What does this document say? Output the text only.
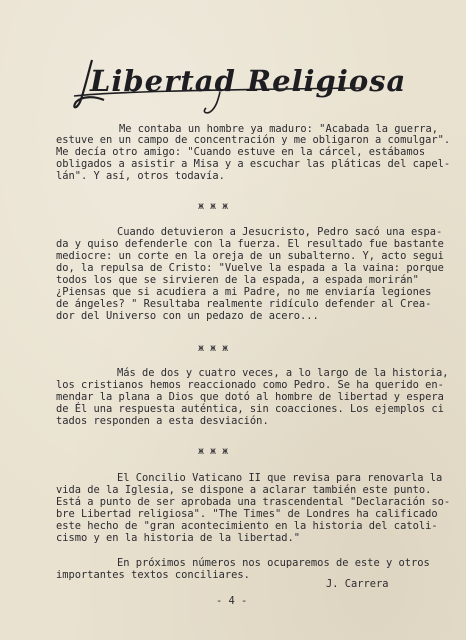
Libertad Religiosa
Me contaba un hombre ya maduro: "Acabada la guerra,
estuve en un campo de concentración y me obligaron a comulgar".
Me decía otro amigo: "Cuando estuve en la cárcel, estábamos
obligados a asistir a Misa y a escuchar las pláticas del capel-
lán". Y así, otros todavía.
ж ж ж
Cuando detuvieron a Jesucristo, Pedro sacó una espa-
da y quiso defenderle con la fuerza. El resultado fue bastante
mediocre: un corte en la oreja de un subalterno. Y, acto segui
do, la repulsa de Cristo: "Vuelve la espada a la vaina: porque
todos los que se sirvieren de la espada, a espada morirán"
¿Piensas que si acudiera a mi Padre, no me enviaría legiones
de ángeles? " Resultaba realmente ridículo defender al Crea-
dor del Universo con un pedazo de acero...
ж ж ж
Más de dos y cuatro veces, a lo largo de la historia,
los cristianos hemos reaccionado como Pedro. Se ha querido en-
mendar la plana a Dios que dotó al hombre de libertad y espera
de Él una respuesta auténtica, sin coacciones. Los ejemplos ci
tados responden a esta desviación.
ж ж ж
El Concilio Vaticano II que revisa para renovarla la
vida de la Iglesia, se dispone a aclarar también este punto.
Está a punto de ser aprobada una trascendental "Declaración so-
bre Libertad religiosa". "The Times" de Londres ha calificado
este hecho de "gran acontecimiento en la historia del catoli-
cismo y en la historia de la libertad."
En próximos números nos ocuparemos de este y otros
importantes textos conciliares.
J. Carrera
- 4 -
